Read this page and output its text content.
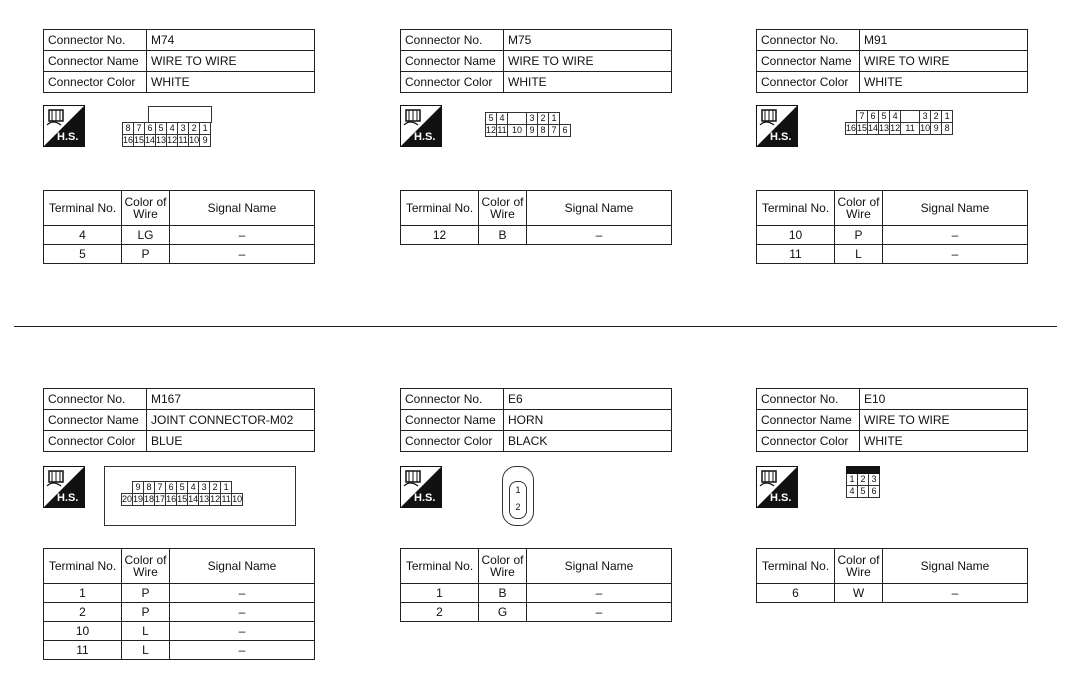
Connector No.	M74
Connector Name	WIRE TO WIRE
Connector Color	WHITE
H.S.
8	7	6	5	4	3	2	1
16	15	14	13	12	11	10	9
Terminal No.	Color of Wire	Signal Name
4	LG	–
5	P	–
Connector No.	M75
Connector Name	WIRE TO WIRE
Connector Color	WHITE
H.S.
5	4		3	2	1	
12	11	10	9	8	7	6
Terminal No.	Color of Wire	Signal Name
12	B	–
Connector No.	M91
Connector Name	WIRE TO WIRE
Connector Color	WHITE
H.S.
	7	6	5	4		3	2	1
16	15	14	13	12	11	10	9	8
Terminal No.	Color of Wire	Signal Name
10	P	–
11	L	–
Connector No.	M167
Connector Name	JOINT CONNECTOR-M02
Connector Color	BLUE
H.S.
	9	8	7	6	5	4	3	2	1	
20	19	18	17	16	15	14	13	12	11	10
Terminal No.	Color of Wire	Signal Name
1	P	–
2	P	–
10	L	–
11	L	–
Connector No.	E6
Connector Name	HORN
Connector Color	BLACK
H.S.
1
2
Terminal No.	Color of Wire	Signal Name
1	B	–
2	G	–
Connector No.	E10
Connector Name	WIRE TO WIRE
Connector Color	WHITE
H.S.

1	2	3
4	5	6

Terminal No.	Color of Wire	Signal Name
6	W	–
